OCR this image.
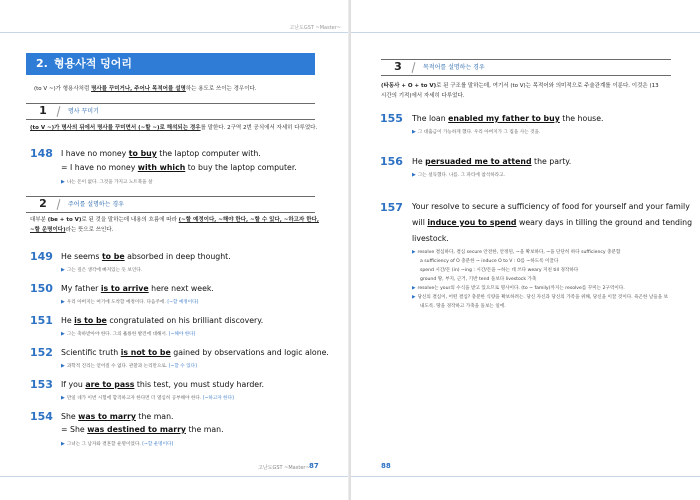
고난도GST ~Master~
2. 형용사적 덩어리
(to V ~)가 형용사처럼 명사를 꾸미거나, 주어나 목적어를 설명하는 용도로 쓰이는 경우이다.
1	명사 꾸미기
(to V ~)가 명사의 뒤에서 명사를 꾸미면서 (~할 ~)로 해석되는 경우를 말한다. 2구역 2번 공식에서 자세히 다루었다.
148 I have no money to buy the laptop computer with.
= I have no money with which to buy the laptop computer.
▶ 나는 돈이 없다. 그것을 가지고 노트북을 살
2	주어를 설명하는 경우
대부분 (be + to V)로 된 것을 말하는데 내용의 흐름에 따라 (~할 예정이다, ~해야 한다, ~할 수 있다, ~하고자 한다, ~할 운명이다)라는 뜻으로 쓰인다.
149 He seems to be absorbed in deep thought.
▶ 그는 깊은 생각에 빠져있는 듯 보인다.
150 My father is to arrive here next week.
▶ 우리 아버지는 여기에 도착할 예정이다. 다음주에. [~할 예정이다]
151 He is to be congratulated on his brilliant discovery.
▶ 그는 축하받아야 한다. 그의 훌륭한 발견에 대해서. [~해야 한다]
152 Scientific truth is not to be gained by observations and logic alone.
▶ 과학적 진리는 얻어질 수 없다. 관찰과 논리만으로. [~할 수 있다]
153 If you are to pass this test, you must study harder.
▶ 만일 네가 이번 시험에 합격하고자 한다면 더 열심히 공부해야 한다. [~하고자 한다]
154 She was to marry the man.
= She was destined to marry the man.
▶ 그녀는 그 남자와 결혼할 운명이었다. [~할 운명이다]
고난도GST ~Master~ 87
3	목적어를 설명하는 경우
(타동사 + O + to V)로 된 구조를 말하는데, 여기서 (to V)는 목적어와 의미적으로 주술관계를 이룬다. 이것은 (13
시간의 기적)에서 자세히 다루었다.
155 The loan enabled my father to buy the house.
▶ 그 대출금이 가능하게 했다. 우리 아버지가 그 집을 사는 것을.
156 He persuaded me to attend the party.
▶ 그는 설득했다. 나를. 그 파티에 참석하라고.
157 Your resolve to secure a sufficiency of food for yourself and your family
will induce you to spend weary days in tilling the ground and tending
livestock.
▶ resolve 결심하다, 결심 secure 안전한, 안정된, ~을 확보하다, ~을 단단히 하다 sufficiency 충분함
a sufficiency of O 충분한 ~ induce O to V : O를 ~하도록 이끌다
spend 시간/돈 (in) ~ing : 시간/돈을 ~하는 데 쓰다 weary 지친 till 경작하다
ground 땅, 부지, 근거, 기반 tend 돌보다 livestock 가축
▶ resolve는 your의 수식을 받고 있으므로 명사이다. (to ~ family)까지는 resolve를 꾸미는 2구역이다.
▶ 당신의 결심이, 어떤 결심? 충분한 식량을 확보하려는. 당신 자신과 당신의 가족을 위해, 당신을 이끌 것이다. 욕곤한 날들을 보
내도록. 땅을 경작하고 가축을 돌보는 일에.
88
